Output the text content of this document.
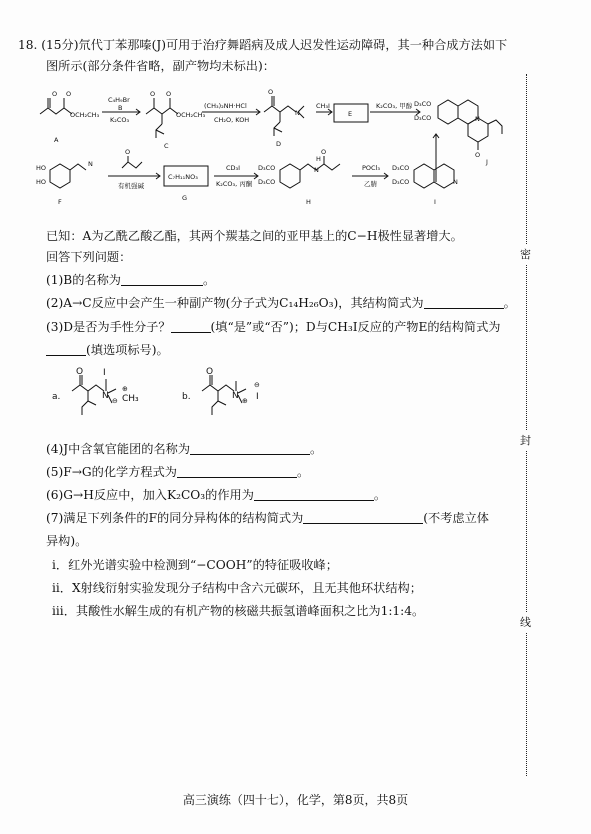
18. (15分)氘代丁苯那嗪(J)可用于治疗舞蹈病及成人迟发性运动障碍，其一种合成方法如下
图所示(部分条件省略，副产物均未标出)：
O O
OCH₂CH₃
A
C₄H₉Br
B
K₂CO₃
O O
OCH₂CH₃
C
(CH₃)₂NH·HCl
CH₂O, KOH
O
N
D
CH₃I
E
K₂CO₃, 甲醇 D₃CO
D₃CO	N
O
J
HO
HO
N
F
O
有机强碱
C₇H₁₁NO₃
G
CD₃I
K₂CO₃, 丙酮
D₃CO
D₃CO
H
N
O
H
POCl₃
乙腈
D₃CO
D₃CO	N
I
已知：A为乙酰乙酸乙酯，其两个羰基之间的亚甲基上的C−H极性显著增大。
回答下列问题：
(1)B的名称为	。
(2)A→C反应中会产生一种副产物(分子式为C₁₄H₂₆O₃)，其结构简式为	。
(3)D是否为手性分子？	(填“是”或“否”)；D与CH₃I反应的产物E的结构简式为
(填选项标号)。
a.
O I
N ⊖
⊕
CH₃	b.
O
N ⊕
⊖
I
(4)J中含氧官能团的名称为	。
(5)F→G的化学方程式为	。
(6)G→H反应中，加入K₂CO₃的作用为	。
(7)满足下列条件的F的同分异构体的结构简式为	(不考虑立体
异构)。
i．红外光谱实验中检测到“−COOH”的特征吸收峰；
ii．X射线衍射实验发现分子结构中含六元碳环，且无其他环状结构；
iii．其酸性水解生成的有机产物的核磁共振氢谱峰面积之比为1:1:4。
密
封
线
高三演练（四十七），化学，第8页，共8页
